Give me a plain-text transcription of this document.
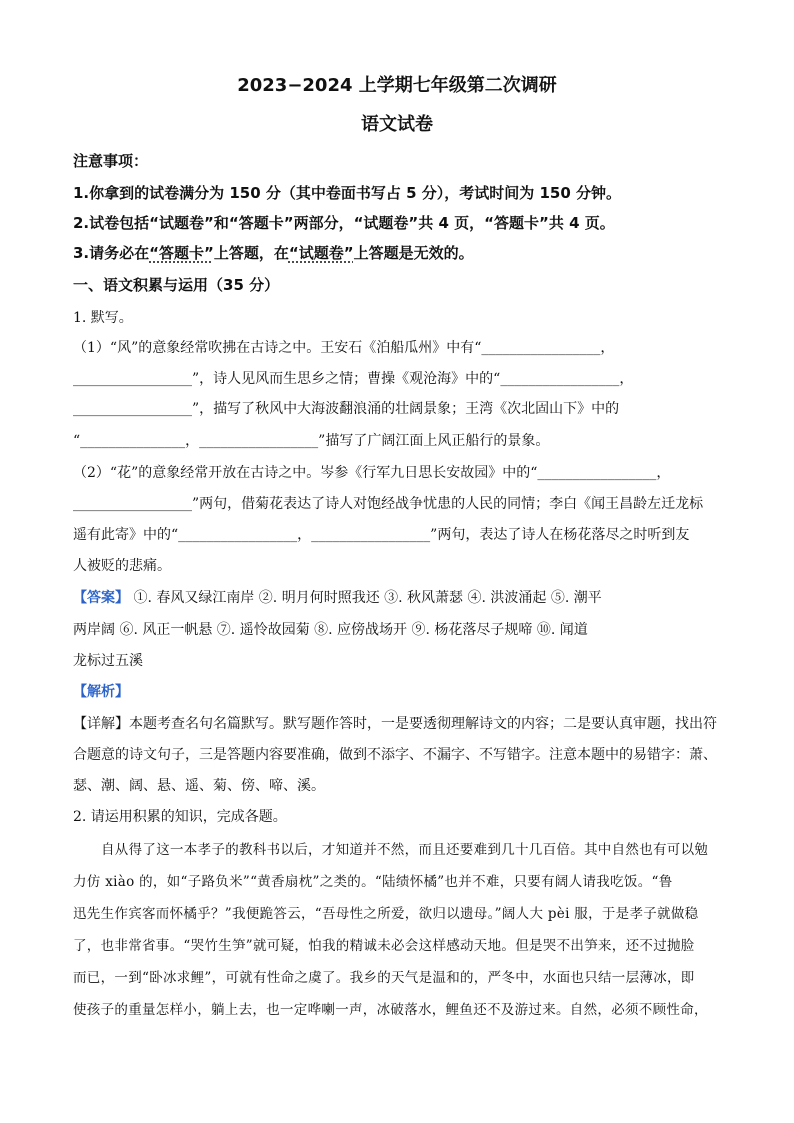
2023−2024 上学期七年级第二次调研
语文试卷
注意事项：
1.你拿到的试卷满分为 150 分（其中卷面书写占 5 分），考试时间为 150 分钟。
2.试卷包括“试题卷”和“答题卡”两部分，“试题卷”共 4 页，“答题卡”共 4 页。
3.请务必在“答题卡”上答题，在“试题卷”上答题是无效的。
一、语文积累与运用（35 分）
1. 默写。
（1）“风”的意象经常吹拂在古诗之中。王安石《泊船瓜州》中有“_________________，
_________________”，诗人见风而生思乡之情；曹操《观沧海》中的“_________________，
_________________”，描写了秋风中大海波翻浪涌的壮阔景象；王湾《次北固山下》中的
“_______________，_________________”描写了广阔江面上风正船行的景象。
（2）“花”的意象经常开放在古诗之中。岑参《行军九日思长安故园》中的“_________________，
_________________”两句，借菊花表达了诗人对饱经战争忧患的人民的同情；李白《闻王昌龄左迁龙标
遥有此寄》中的“_________________，_________________”两句，表达了诗人在杨花落尽之时听到友
人被贬的悲痛。
【答案】 ①. 春风又绿江南岸 ②. 明月何时照我还 ③. 秋风萧瑟 ④. 洪波涌起 ⑤. 潮平
两岸阔 ⑥. 风正一帆悬 ⑦. 遥怜故园菊 ⑧. 应傍战场开 ⑨. 杨花落尽子规啼 ⑩. 闻道
龙标过五溪
【解析】
【详解】本题考查名句名篇默写。默写题作答时，一是要透彻理解诗文的内容；二是要认真审题，找出符
合题意的诗文句子，三是答题内容要准确，做到不添字、不漏字、不写错字。注意本题中的易错字：萧、
瑟、潮、阔、悬、遥、菊、傍、啼、溪。
2. 请运用积累的知识，完成各题。
自从得了这一本孝子的教科书以后，才知道并不然，而且还要难到几十几百倍。其中自然也有可以勉
力仿 xiào 的，如“子路负米”“黄香扇枕”之类的。“陆绩怀橘”也并不难，只要有阔人请我吃饭。“鲁
迅先生作宾客而怀橘乎？”我便跪答云，“吾母性之所爱，欲归以遗母。”阔人大 pèi 服，于是孝子就做稳
了，也非常省事。“哭竹生笋”就可疑，怕我的精诚未必会这样感动天地。但是哭不出笋来，还不过抛脸
而已，一到“卧冰求鲤”，可就有性命之虞了。我乡的天气是温和的，严冬中，水面也只结一层薄冰，即
使孩子的重量怎样小，躺上去，也一定哗喇一声，冰破落水，鲤鱼还不及游过来。自然，必须不顾性命，
